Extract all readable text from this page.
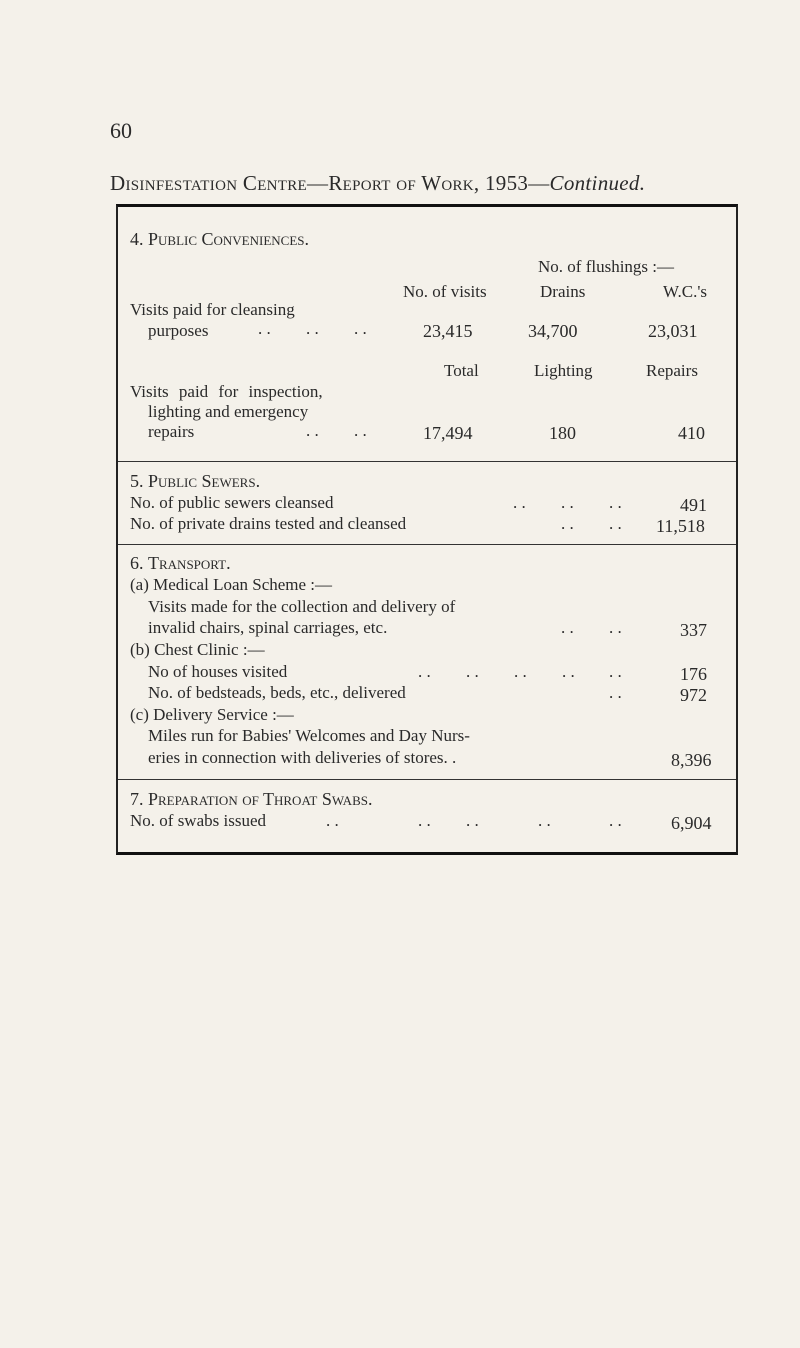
60
Disinfestation Centre—Report of Work, 1953—Continued.
4. Public Conveniences.
No. of flushings :—
No. of visits	Drains	W.C.'s
Visits paid for cleansing
purposes	. . . . . .	23,415	34,700	23,031
Total	Lighting	Repairs
Visits paid for inspection,
lighting and emergency
repairs	. . . .	17,494	180	410
5. Public Sewers.
No. of public sewers cleansed	. . . . . .	491
No. of private drains tested and cleansed	. . . . 11,518
6. Transport.
(a) Medical Loan Scheme :—
Visits made for the collection and delivery of
invalid chairs, spinal carriages, etc.	. . . .	337
(b) Chest Clinic :—
No of houses visited	. . . . . . . . . .	176
No. of bedsteads, beds, etc., delivered	. .	972
(c) Delivery Service :—
Miles run for Babies' Welcomes and Day Nurs-
eries in connection with deliveries of stores. .	8,396
7. Preparation of Throat Swabs.
No. of swabs issued	. .	. . . .	. .	. .	6,904
